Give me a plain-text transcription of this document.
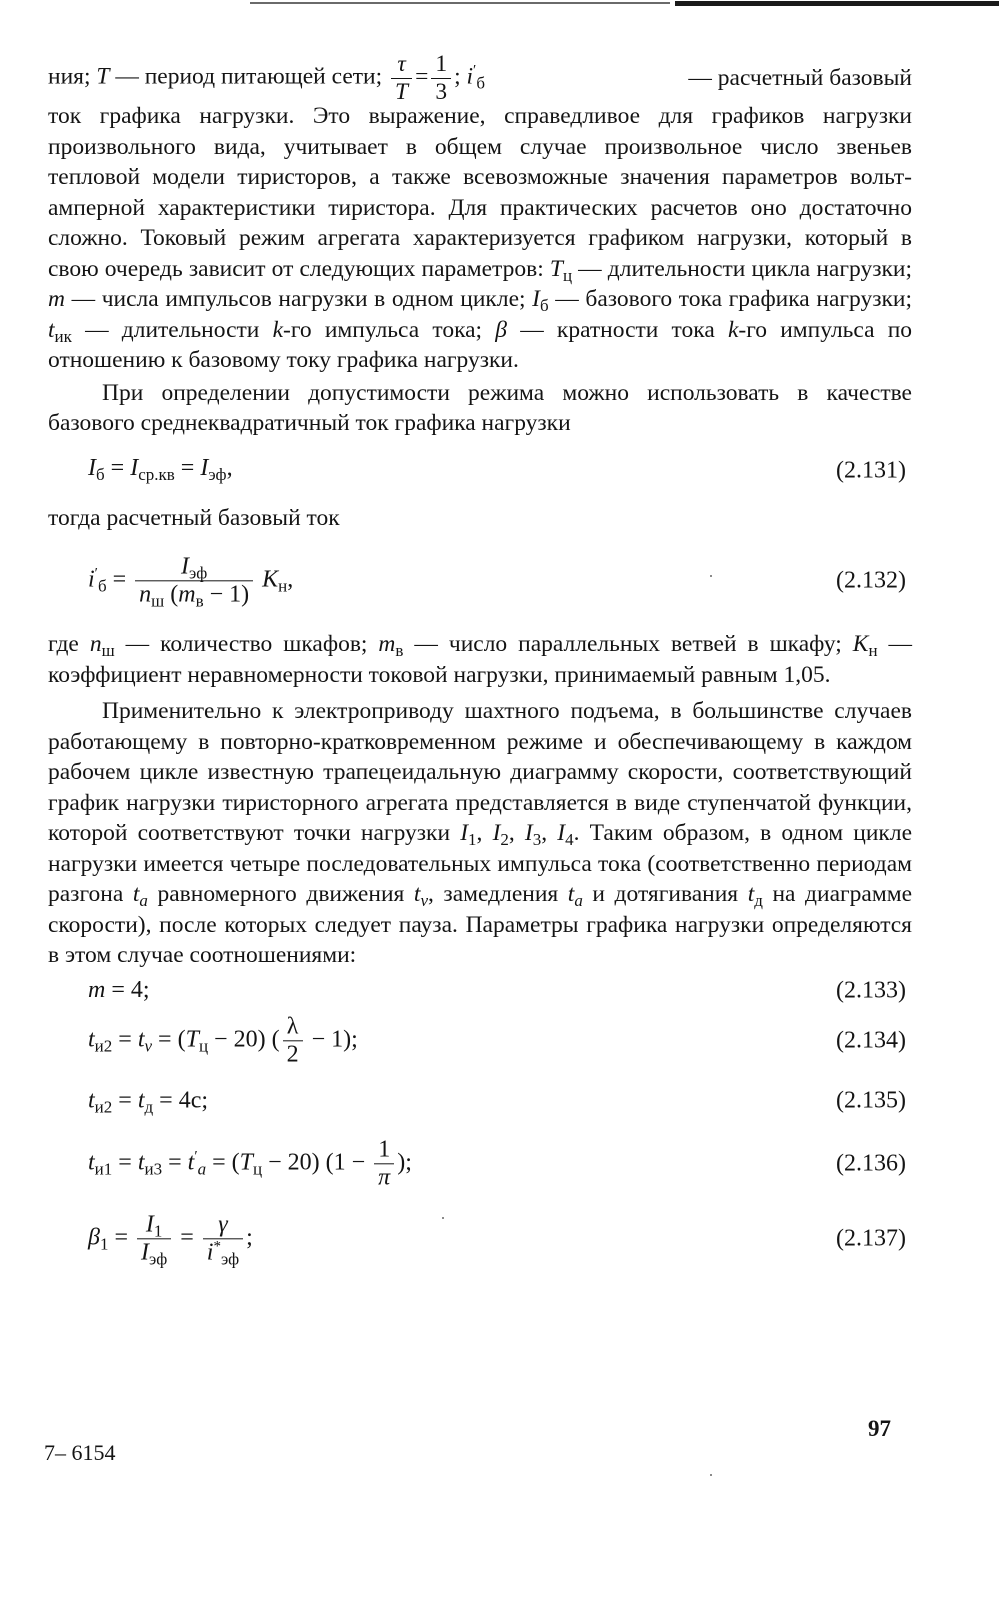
ния; T — период питающей сети; $\frac{\tau}{T} = \frac{1}{3}$ ; $i'_б$	— расчетный базовый

ток графика нагрузки. Это выражение, справедливое для графиков нагрузки произвольного вида, учитывает в общем случае произвольное число звеньев тепловой модели тиристоров, а также всевозможные значения параметров вольт-амперной характеристики тиристора. Для практических расчетов оно достаточно сложно. Токовый режим агрегата характеризуется графиком нагрузки, который в свою очередь зависит от следующих параметров: $T_ц$ — длительности цикла нагрузки; m — числа импульсов нагрузки в одном цикле; $I_б$ — базового тока графика нагрузки; $t_{ик}$ — длительности k-го импульса тока; β — кратности тока k-го импульса по отношению к базовому току графика нагрузки.

При определении допустимости режима можно использовать в качестве базового среднеквадратичный ток графика нагрузки

$I_б = I_{ср.кв} = I_{эф}$,	(2.131)

тогда расчетный базовый ток

$i'_б = \frac{I_{эф}}{n_ш (m_в - 1)} K_н$,	(2.132)

где $n_ш$ — количество шкафов; $m_в$ — число параллельных ветвей в шкафу; $K_н$ — коэффициент неравномерности токовой нагрузки, принимаемый равным 1,05.

Применительно к электроприводу шахтного подъема, в большинстве случаев работающему в повторно-кратковременном режиме и обеспечивающему в каждом рабочем цикле известную трапецеидальную диаграмму скорости, соответствующий график нагрузки тиристорного агрегата представляется в виде ступенчатой функции, которой соответствуют точки нагрузки $I_1$, $I_2$, $I_3$, $I_4$. Таким образом, в одном цикле нагрузки имеется четыре последовательных импульса тока (соответственно периодам разгона $t_a$ равномерного движения $t_v$, замедления $t_a$ и дотягивания $t_д$ на диаграмме скорости), после которых следует пауза. Параметры графика нагрузки определяются в этом случае соотношениями:

m = 4;	(2.133)
$t_{и2} = t_v = (T_ц - 20)$ ( $\frac{\lambda}{2} - 1$);	(2.134)
$t_{и2} = t_д = 4с$;	(2.135)
$t_{и1} = t_{и3} = t'_a = (T_ц - 20) (1 - \frac{1}{\pi}$ );	(2.136)
$\beta_1 = \frac{I_1}{I_{эф}} = \frac{\gamma}{i^*_{эф}}$ ;	(2.137)
97
7– 6154
